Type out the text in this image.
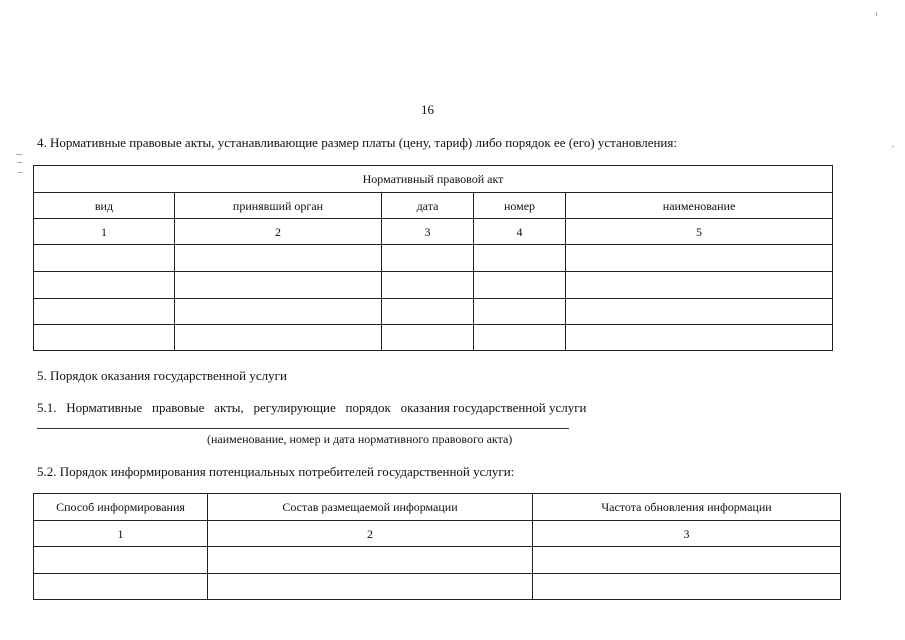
16
4. Нормативные правовые акты, устанавливающие размер платы (цену, тариф) либо порядок ее (его) установления:
Нормативный правовой акт				
вид	принявший орган	дата	номер	наименование
1	2	3	4	5

5. Порядок оказания государственной услуги
5.1.   Нормативные   правовые   акты,   регулирующие   порядок   оказания государственной услуги
(наименование, номер и дата нормативного правового акта)
5.2. Порядок информирования потенциальных потребителей государственной услуги:
Способ информирования	Состав размещаемой информации	Частота обновления информации
1	2	3
